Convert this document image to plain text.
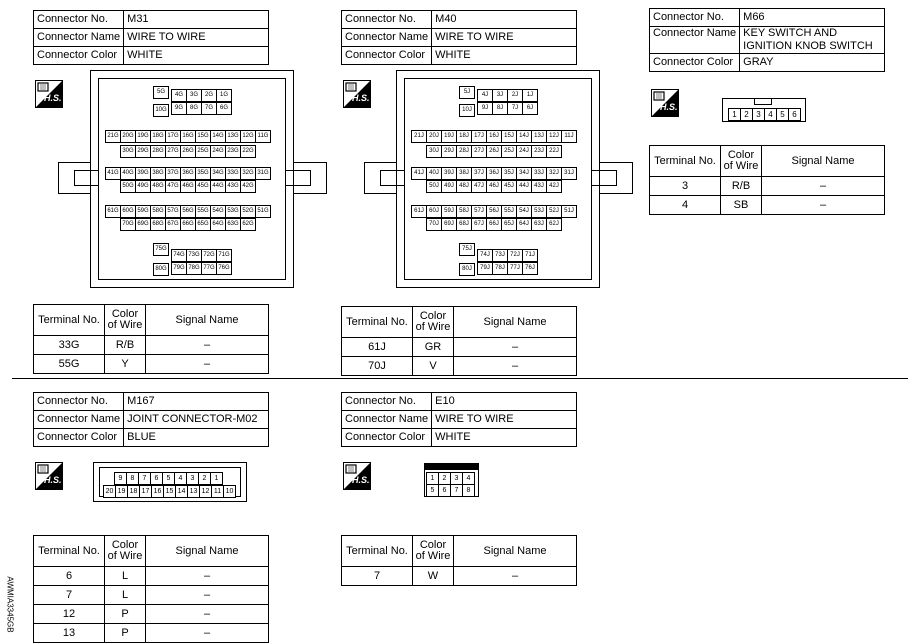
Connector No.	M31
Connector Name	WIRE TO WIRE
Connector Color	WHITE
H.S.
5G	4G	3G	2G	1G
10G	9G	8G	7G	6G
21G 20G 19G 18G 17G 16G 15G 14G 13G 12G 11G
30G 29G 28G 27G 26G 25G 24G 23G 22G
41G 40G 39G 38G 37G 36G 35G 34G 33G 32G 31G
50G 49G 48G 47G 46G 45G 44G 43G 42G
61G 60G 59G 58G 57G 56G 55G 54G 53G 52G 51G
70G 69G 68G 67G 66G 65G 64G 63G 62G
75G
74G 73G 72G 71G
80G	79G 78G 77G 76G
Terminal No.	Color of Wire	Signal Name
33G	R/B	–
55G	Y	–
Connector No.	M40
Connector Name	WIRE TO WIRE
Connector Color	WHITE
H.S.
5J	4J	3J	2J	1J
10J	9J	8J	7J	6J
21J 20J 19J 18J 17J 16J 15J 14J 13J 12J 11J
30J 29J 28J 27J 26J 25J 24J 23J 22J
41J 40J 39J 38J 37J 36J 35J 34J 33J 32J 31J
50J 49J 48J 47J 46J 45J 44J 43J 42J
61J 60J 59J 58J 57J 56J 55J 54J 53J 52J 51J
70J 69J 68J 67J 66J 65J 64J 63J 62J
75J
74J 73J 72J 71J
80J	79J 78J 77J 76J
Terminal No.	Color of Wire	Signal Name
61J	GR	–
70J	V	–
Connector No.	M66
Connector Name	KEY SWITCH AND IGNITION KNOB SWITCH
Connector Color	GRAY
H.S.
1 2 3 4 5 6
Terminal No.	Color of Wire	Signal Name
3	R/B	–
4	SB	–
Connector No.	M167
Connector Name	JOINT CONNECTOR-M02
Connector Color	BLUE
H.S.	9	8	7	6	5	4	3	2	1
20 19 18 17 16 15 14 13 12 11 10
Terminal No.	Color of Wire	Signal Name
6	L	–
7	L	–
12	P	–
13	P	–
Connector No.	E10
Connector Name	WIRE TO WIRE
Connector Color	WHITE
H.S.	1	2	3	4
5	6	7	8
Terminal No.	Color of Wire	Signal Name
7	W	–
AWMIA3345GB
